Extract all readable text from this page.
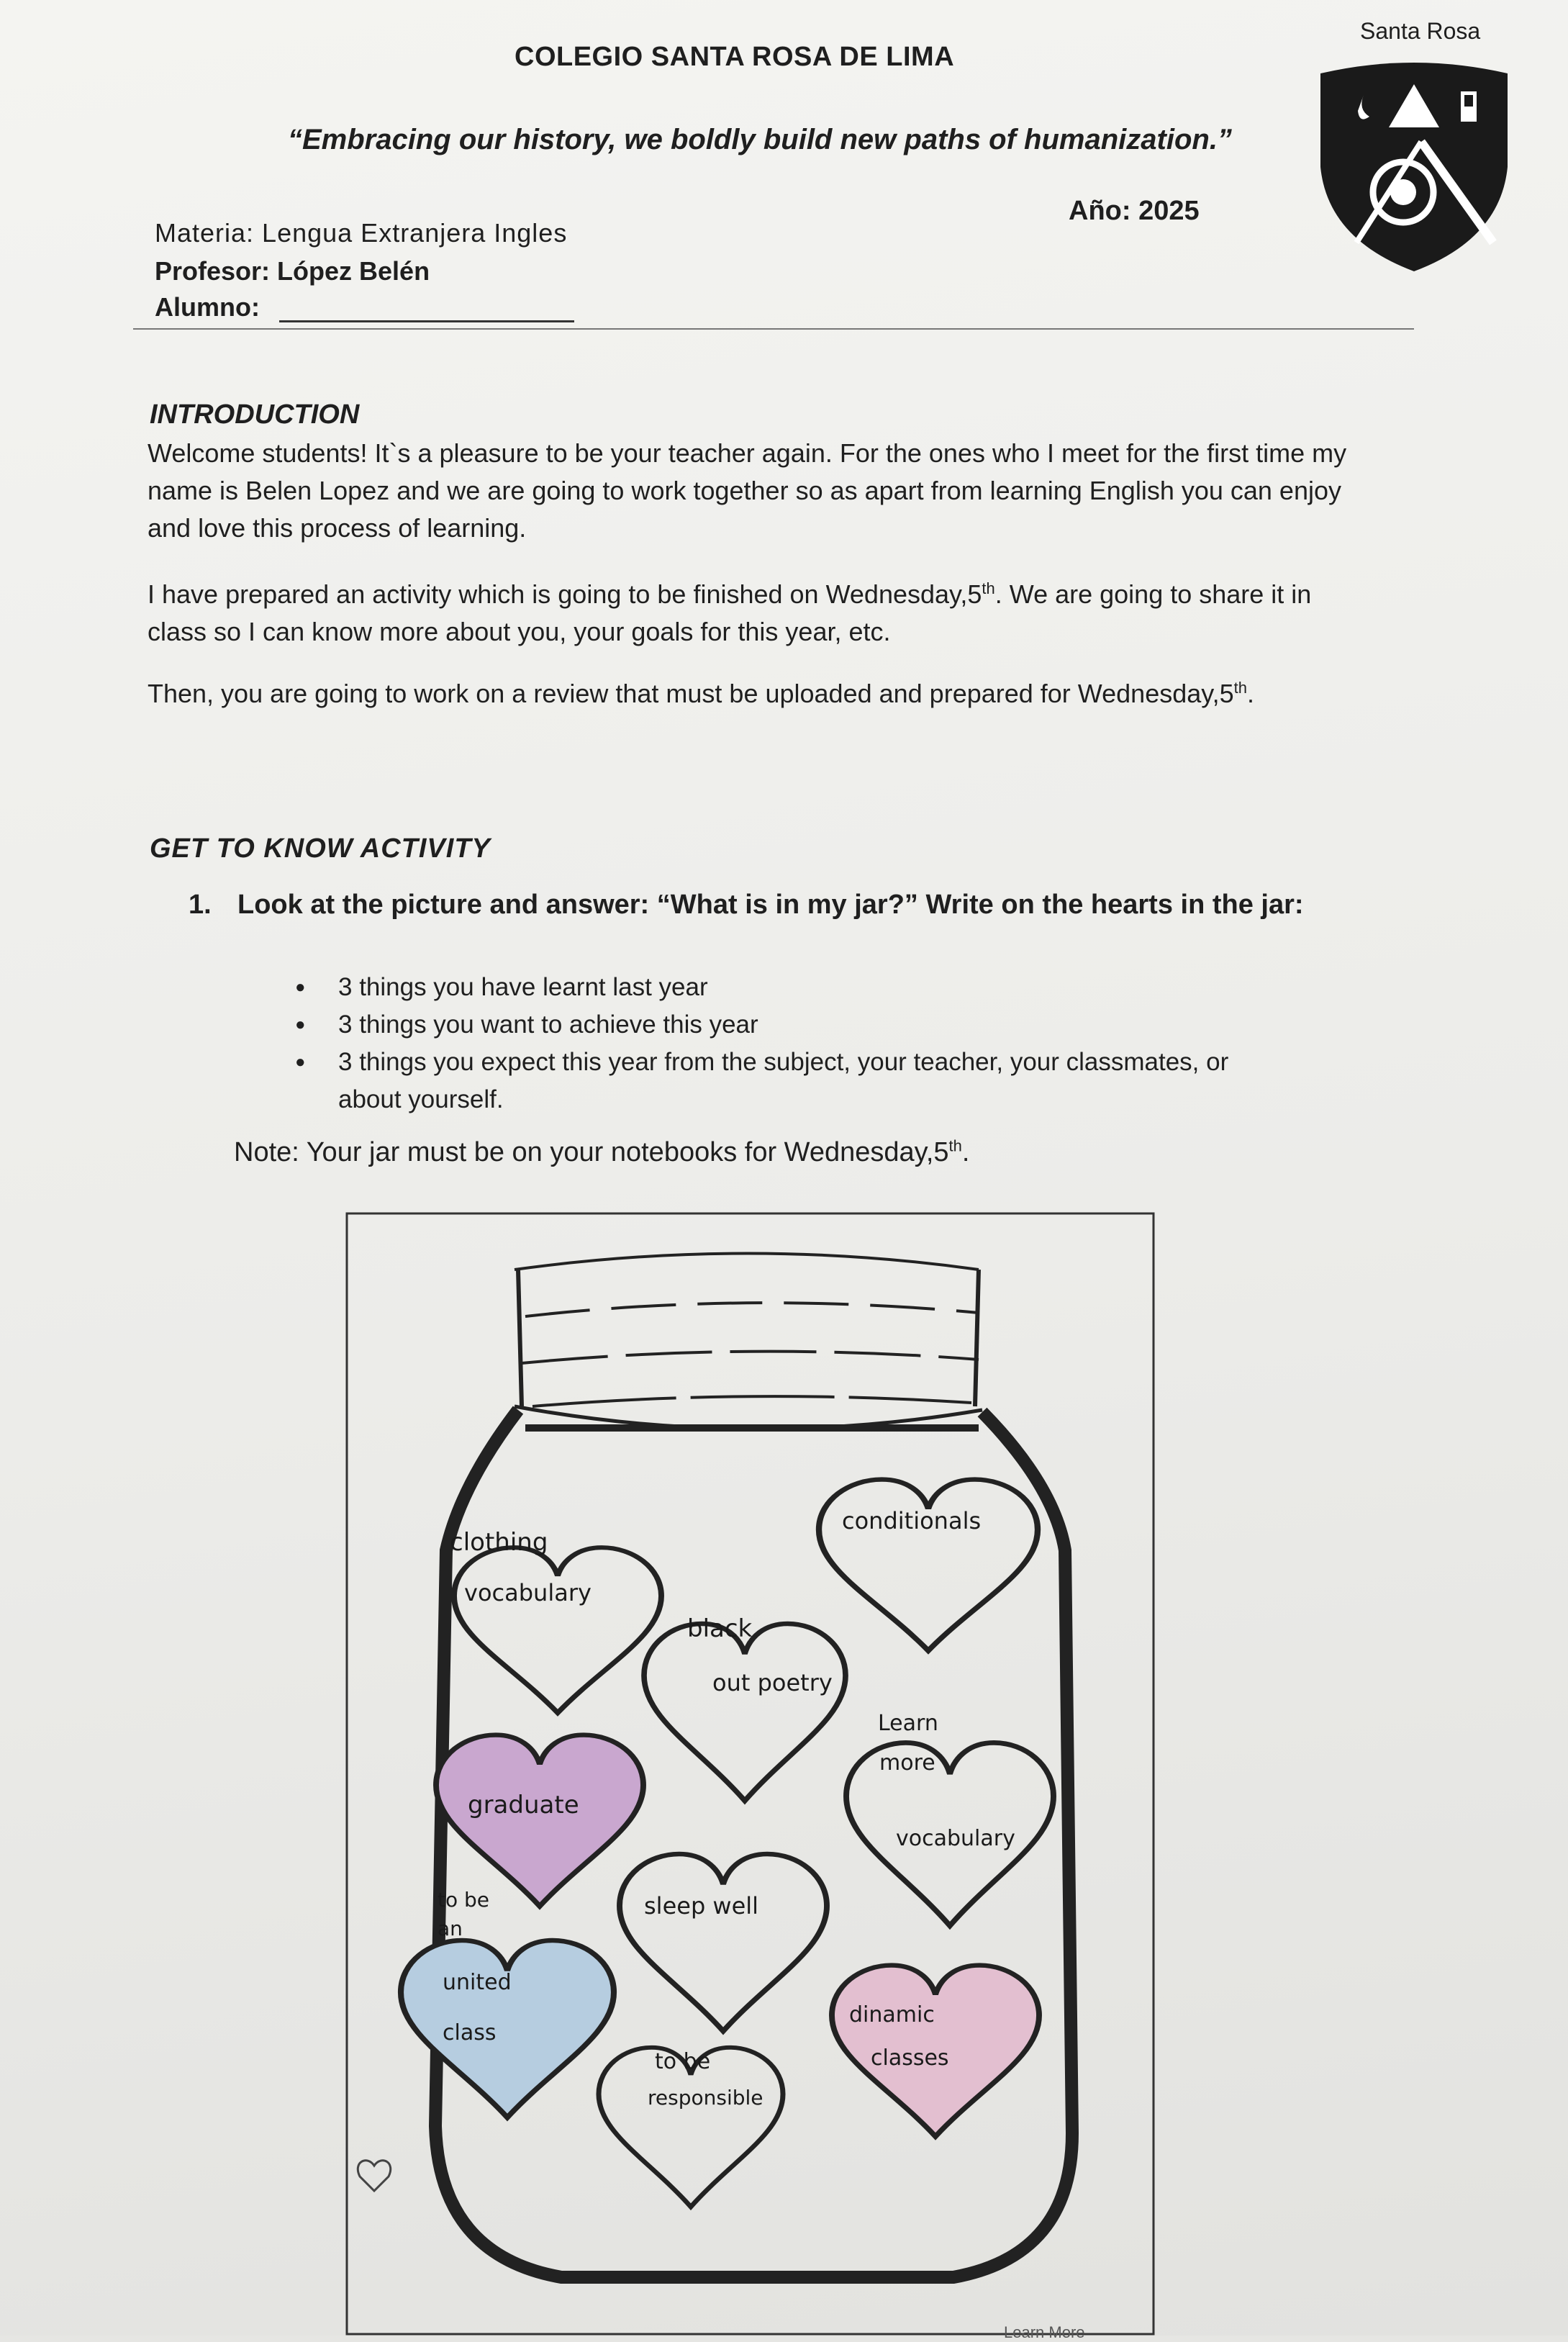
COLEGIO SANTA ROSA DE LIMA
Santa Rosa
“Embracing our history, we boldly build new paths of humanization.”
Año: 2025
Materia: Lengua Extranjera Ingles
Profesor: López Belén
Alumno:
INTRODUCTION
Welcome students! It`s a pleasure to be your teacher again. For the ones who I meet for the first time my name is Belen Lopez and we are going to work together so as apart from learning English you can enjoy and love this process of learning.
I have prepared an activity which is going to be finished on Wednesday,5th. We are going to share it in class so I can know more about you, your goals for this year, etc.
Then, you are going to work on a review that must be uploaded and prepared for Wednesday,5th.
GET TO KNOW ACTIVITY
1. Look at the picture and answer: “What is in my jar?” Write on the hearts in the jar:
● 3 things you have learnt last year
● 3 things you want to achieve this year
● 3 things you expect this year from the subject, your teacher, your classmates, or about yourself.
Note: Your jar must be on your notebooks for Wednesday,5th.
clothing
vocabulary
conditionals
black
out poetry
graduate
Learn
more
vocabulary
sleep well
to be
an
united
class
dinamic
classes
to be
responsible
Learn More
